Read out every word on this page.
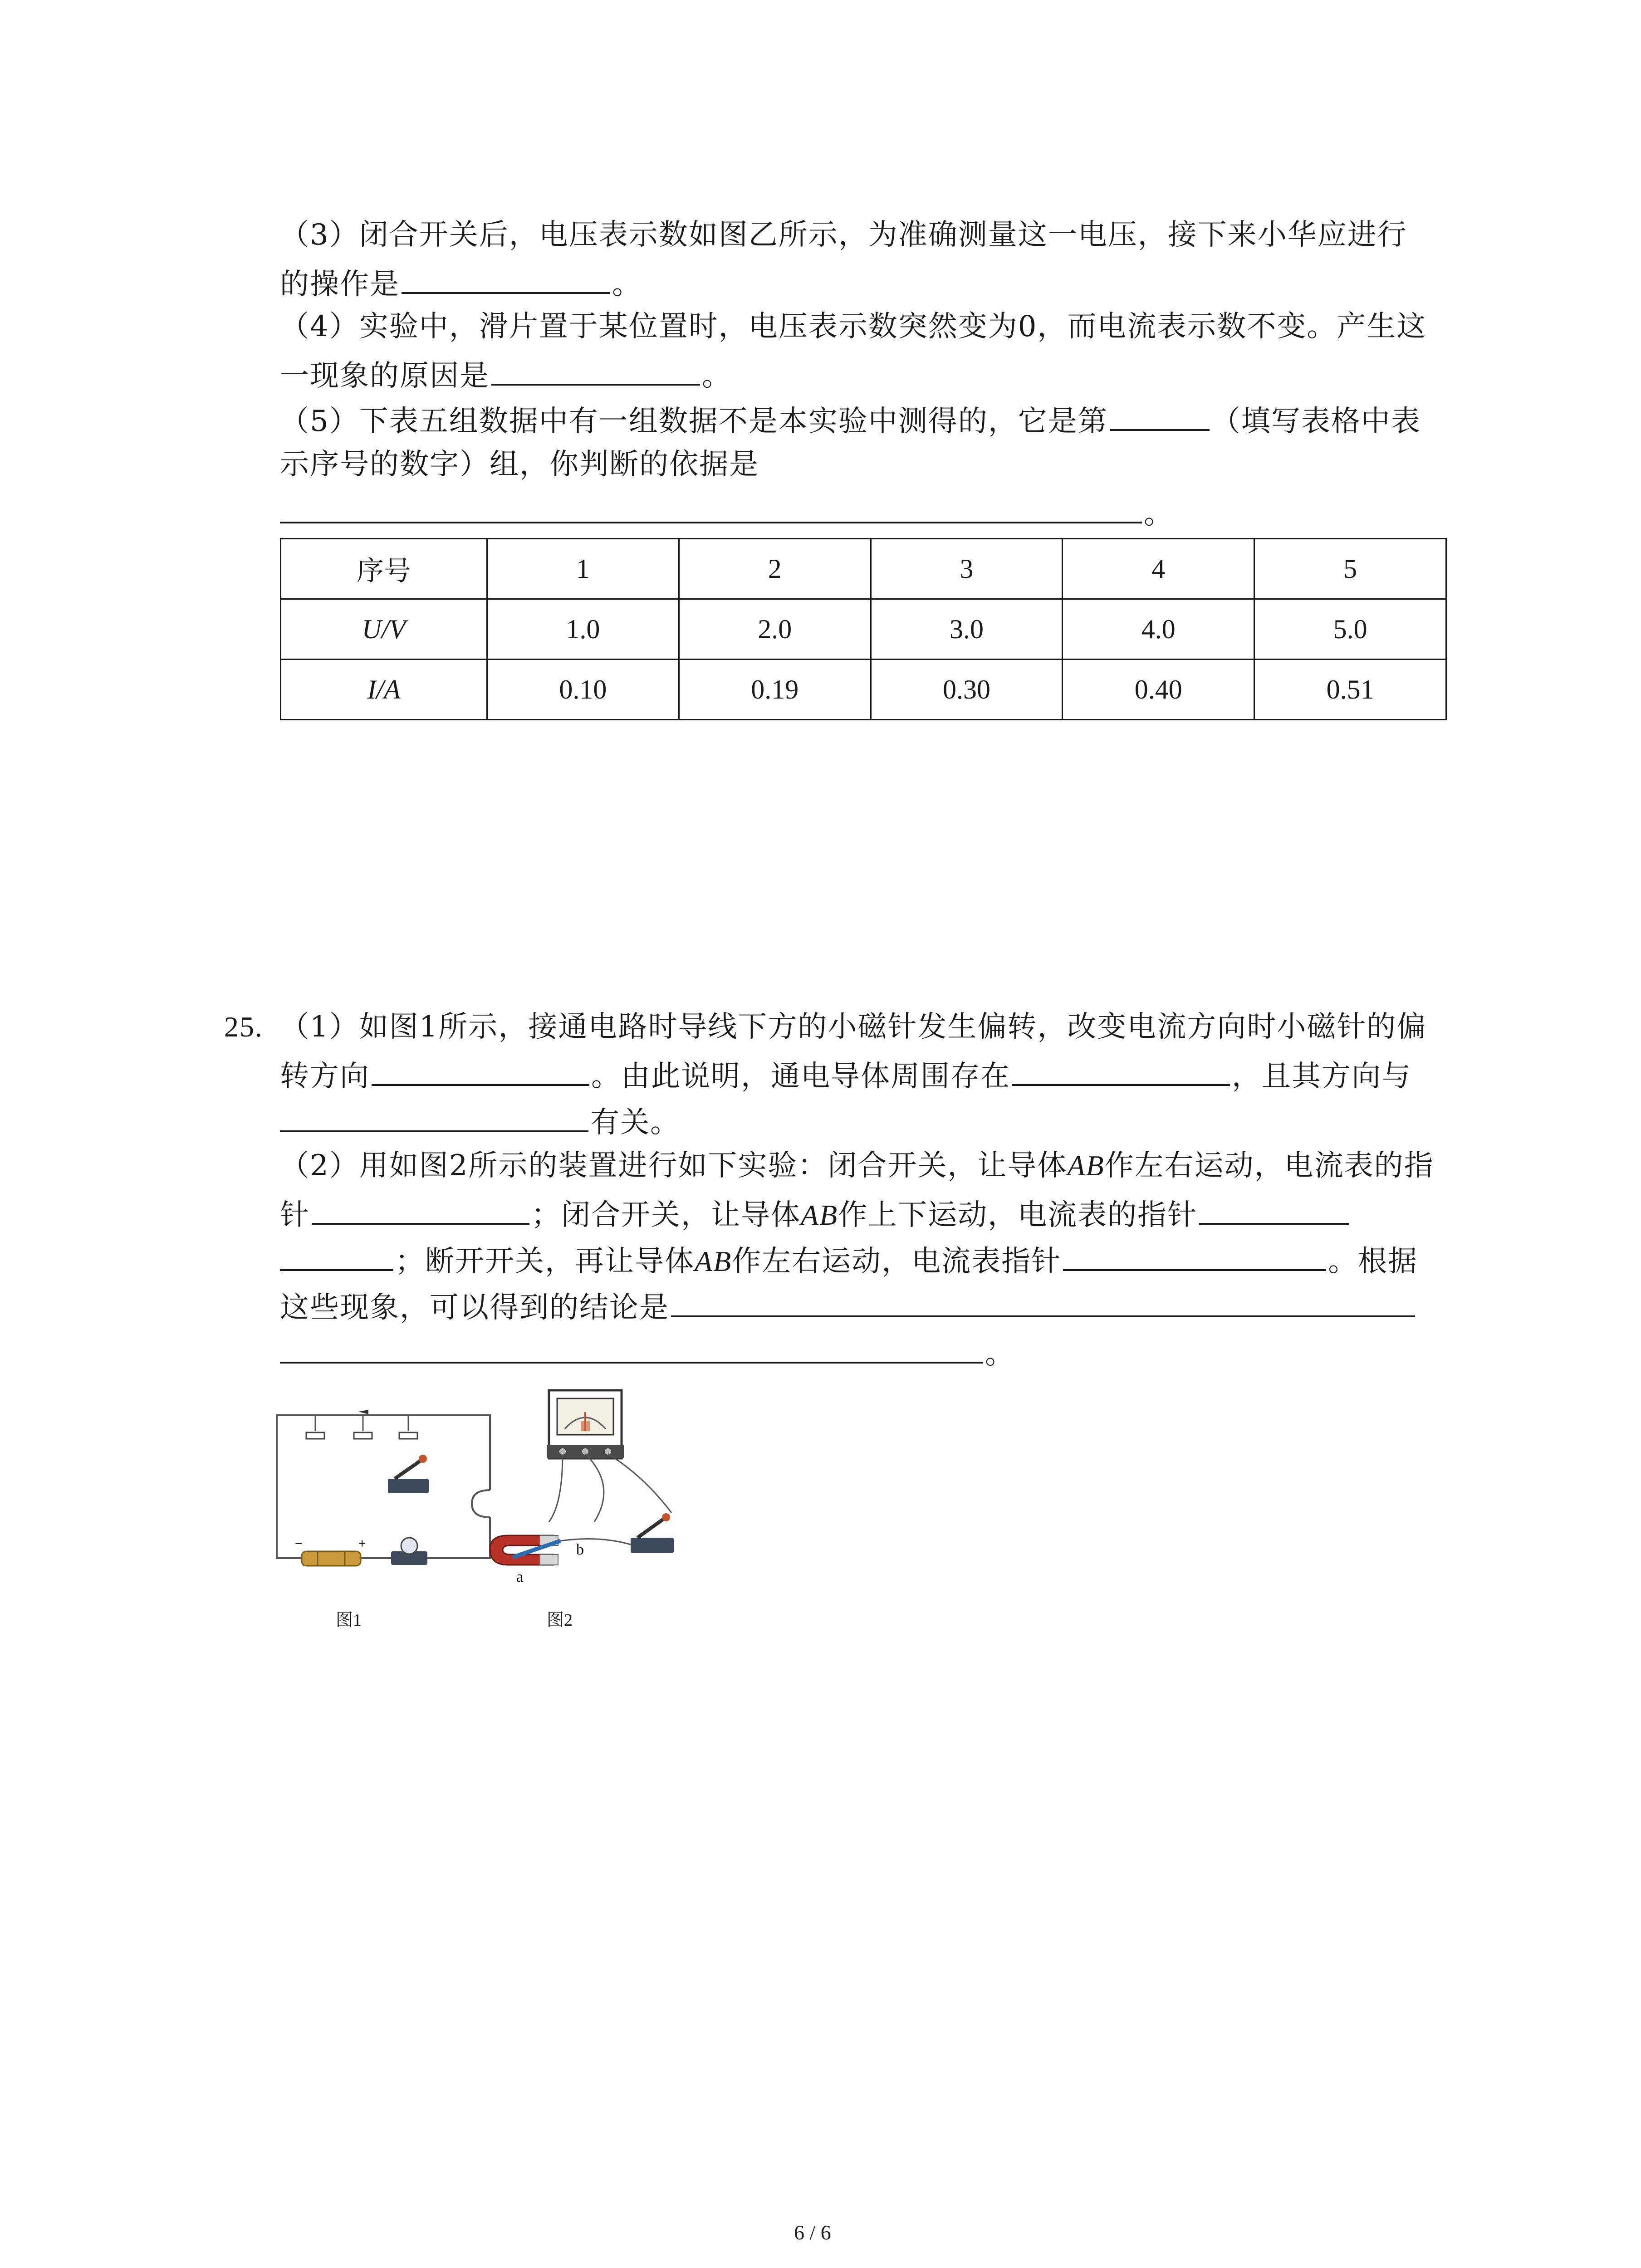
（3）闭合开关后，电压表示数如图乙所示，为准确测量这一电压，接下来小华应进行
的操作是	。
（4）实验中，滑片置于某位置时，电压表示数突然变为0，而电流表示数不变。产生这
一现象的原因是	。
（5）下表五组数据中有一组数据不是本实验中测得的，它是第	（填写表格中表
示序号的数字）组，你判断的依据是
。
序号	1	2	3	4	5
U/V	1.0	2.0	3.0	4.0	5.0
I/A	0.10	0.19	0.30	0.40	0.51
25. （1）如图1所示，接通电路时导线下方的小磁针发生偏转，改变电流方向时小磁针的偏
转方向	。由此说明，通电导体周围存在	，且其方向与
有关。
（2）用如图2所示的装置进行如下实验：闭合开关，让导体AB作左右运动，电流表的指
针	；闭合开关，让导体AB作上下运动，电流表的指针
；断开开关，再让导体AB作左右运动，电流表指针	。根据
这些现象，可以得到的结论是
。
−	+
图1
a
b
图2
6 / 6
